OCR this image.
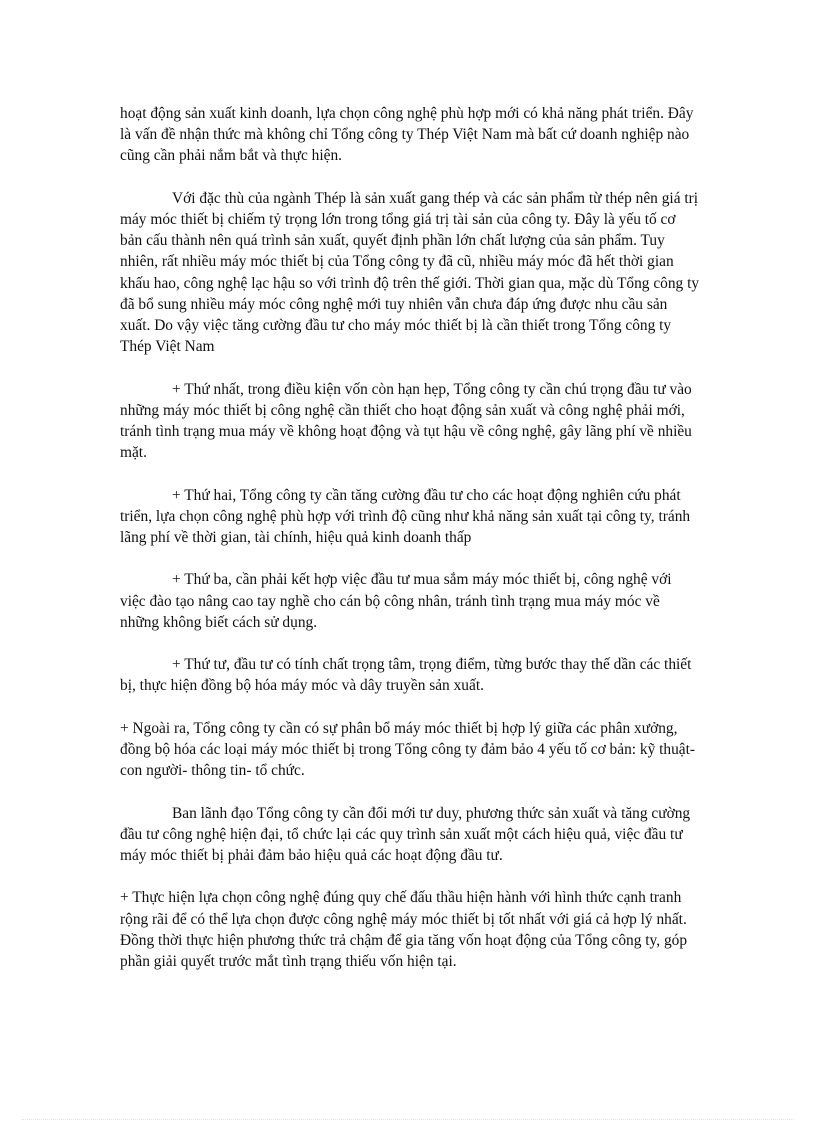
hoạt động sản xuất kinh doanh, lựa chọn công nghệ phù hợp mới có khả năng phát triển. Đây là vấn đề nhận thức mà không chỉ Tổng công ty Thép Việt Nam mà bất cứ doanh nghiệp nào cũng cần phải nắm bắt và thực hiện.

Với đặc thù của ngành Thép là sản xuất gang thép và các sản phẩm từ thép nên giá trị máy móc thiết bị chiếm tỷ trọng lớn trong tổng giá trị tài sản của công ty. Đây là yếu tố cơ bản cấu thành nên quá trình sản xuất, quyết định phần lớn chất lượng của sản phẩm. Tuy nhiên, rất nhiều máy móc thiết bị của Tổng công ty đã cũ, nhiều máy móc đã hết thời gian khấu hao, công nghệ lạc hậu so với trình độ trên thế giới. Thời gian qua, mặc dù Tổng công ty đã bổ sung nhiều máy móc công nghệ mới tuy nhiên vẫn chưa đáp ứng được nhu cầu sản xuất. Do vậy việc tăng cường đầu tư cho máy móc thiết bị là cần thiết trong Tổng công ty Thép Việt Nam

+ Thứ nhất, trong điều kiện vốn còn hạn hẹp, Tổng công ty cần chú trọng đầu tư vào những máy móc thiết bị công nghệ cần thiết cho hoạt động sản xuất và công nghệ phải mới, tránh tình trạng mua máy về không hoạt động và tụt hậu về công nghệ, gây lãng phí về nhiều mặt.

+ Thứ hai, Tổng công ty cần tăng cường đầu tư cho các hoạt động nghiên cứu phát triển, lựa chọn công nghệ phù hợp với trình độ cũng như khả năng sản xuất tại công ty, tránh lãng phí về thời gian, tài chính, hiệu quả kinh doanh thấp

+ Thứ ba, cần phải kết hợp việc đầu tư mua sắm máy móc thiết bị, công nghệ với việc đào tạo nâng cao tay nghề cho cán bộ công nhân, tránh tình trạng mua máy móc về những không biết cách sử dụng.

+ Thứ tư, đầu tư có tính chất trọng tâm, trọng điểm, từng bước thay thế dần các thiết bị, thực hiện đồng bộ hóa máy móc và dây truyền sản xuất.

+ Ngoài ra, Tổng công ty cần có sự phân bổ máy móc thiết bị hợp lý giữa các phân xưởng, đồng bộ hóa các loại máy móc thiết bị trong Tổng công ty đảm bảo 4 yếu tố cơ bản: kỹ thuật- con người- thông tin- tổ chức.

Ban lãnh đạo Tổng công ty cần đổi mới tư duy, phương thức sản xuất và tăng cường đầu tư công nghệ hiện đại, tổ chức lại các quy trình sản xuất một cách hiệu quả, việc đầu tư máy móc thiết bị phải đảm bảo hiệu quả các hoạt động đầu tư.

+ Thực hiện lựa chọn công nghệ đúng quy chế đấu thầu hiện hành với hình thức cạnh tranh rộng rãi để có thể lựa chọn được công nghệ máy móc thiết bị tốt nhất với giá cả hợp lý nhất. Đồng thời thực hiện phương thức trả chậm để gia tăng vốn hoạt động của Tổng công ty, góp phần giải quyết trước mắt tình trạng thiếu vốn hiện tại.
